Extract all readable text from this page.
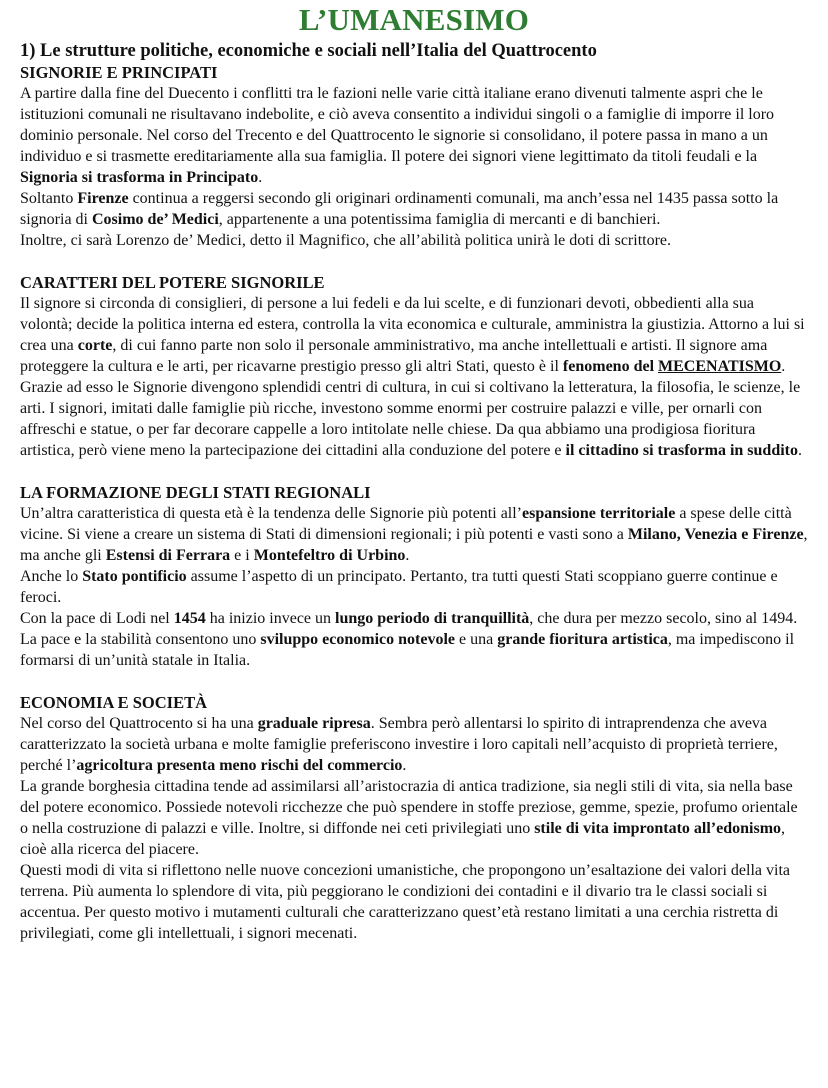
L’UMANESIMO
1) Le strutture politiche, economiche e sociali nell’Italia del Quattrocento
SIGNORIE E PRINCIPATI

A partire dalla fine del Duecento i conflitti tra le fazioni nelle varie città italiane erano divenuti talmente aspri che le istituzioni comunali ne risultavano indebolite, e ciò aveva consentito a individui singoli o a famiglie di imporre il loro dominio personale. Nel corso del Trecento e del Quattrocento le signorie si consolidano, il potere passa in mano a un individuo e si trasmette ereditariamente alla sua famiglia. Il potere dei signori viene legittimato da titoli feudali e la Signoria si trasforma in Principato.

Soltanto Firenze continua a reggersi secondo gli originari ordinamenti comunali, ma anch’essa nel 1435 passa sotto la signoria di Cosimo de’ Medici, appartenente a una potentissima famiglia di mercanti e di banchieri.

Inoltre, ci sarà Lorenzo de’ Medici, detto il Magnifico, che all’abilità politica unirà le doti di scrittore.

CARATTERI DEL POTERE SIGNORILE

Il signore si circonda di consiglieri, di persone a lui fedeli e da lui scelte, e di funzionari devoti, obbedienti alla sua volontà; decide la politica interna ed estera, controlla la vita economica e culturale, amministra la giustizia. Attorno a lui si crea una corte, di cui fanno parte non solo il personale amministrativo, ma anche intellettuali e artisti. Il signore ama proteggere la cultura e le arti, per ricavarne prestigio presso gli altri Stati, questo è il fenomeno del MECENATISMO. Grazie ad esso le Signorie divengono splendidi centri di cultura, in cui si coltivano la letteratura, la filosofia, le scienze, le arti. I signori, imitati dalle famiglie più ricche, investono somme enormi per costruire palazzi e ville, per ornarli con affreschi e statue, o per far decorare cappelle a loro intitolate nelle chiese. Da qua abbiamo una prodigiosa fioritura artistica, però viene meno la partecipazione dei cittadini alla conduzione del potere e il cittadino si trasforma in suddito.

LA FORMAZIONE DEGLI STATI REGIONALI

Un’altra caratteristica di questa età è la tendenza delle Signorie più potenti all’espansione territoriale a spese delle città vicine. Si viene a creare un sistema di Stati di dimensioni regionali; i più potenti e vasti sono a Milano, Venezia e Firenze, ma anche gli Estensi di Ferrara e i Montefeltro di Urbino.

Anche lo Stato pontificio assume l’aspetto di un principato. Pertanto, tra tutti questi Stati scoppiano guerre continue e feroci.

Con la pace di Lodi nel 1454 ha inizio invece un lungo periodo di tranquillità, che dura per mezzo secolo, sino al 1494. La pace e la stabilità consentono uno sviluppo economico notevole e una grande fioritura artistica, ma impediscono il formarsi di un’unità statale in Italia.

ECONOMIA E SOCIETÀ

Nel corso del Quattrocento si ha una graduale ripresa. Sembra però allentarsi lo spirito di intraprendenza che aveva caratterizzato la società urbana e molte famiglie preferiscono investire i loro capitali nell’acquisto di proprietà terriere, perché l’agricoltura presenta meno rischi del commercio.

La grande borghesia cittadina tende ad assimilarsi all’aristocrazia di antica tradizione, sia negli stili di vita, sia nella base del potere economico. Possiede notevoli ricchezze che può spendere in stoffe preziose, gemme, spezie, profumo orientale o nella costruzione di palazzi e ville. Inoltre, si diffonde nei ceti privilegiati uno stile di vita improntato all’edonismo, cioè alla ricerca del piacere.

Questi modi di vita si riflettono nelle nuove concezioni umanistiche, che propongono un’esaltazione dei valori della vita terrena. Più aumenta lo splendore di vita, più peggiorano le condizioni dei contadini e il divario tra le classi sociali si accentua. Per questo motivo i mutamenti culturali che caratterizzano quest’età restano limitati a una cerchia ristretta di privilegiati, come gli intellettuali, i signori mecenati.
